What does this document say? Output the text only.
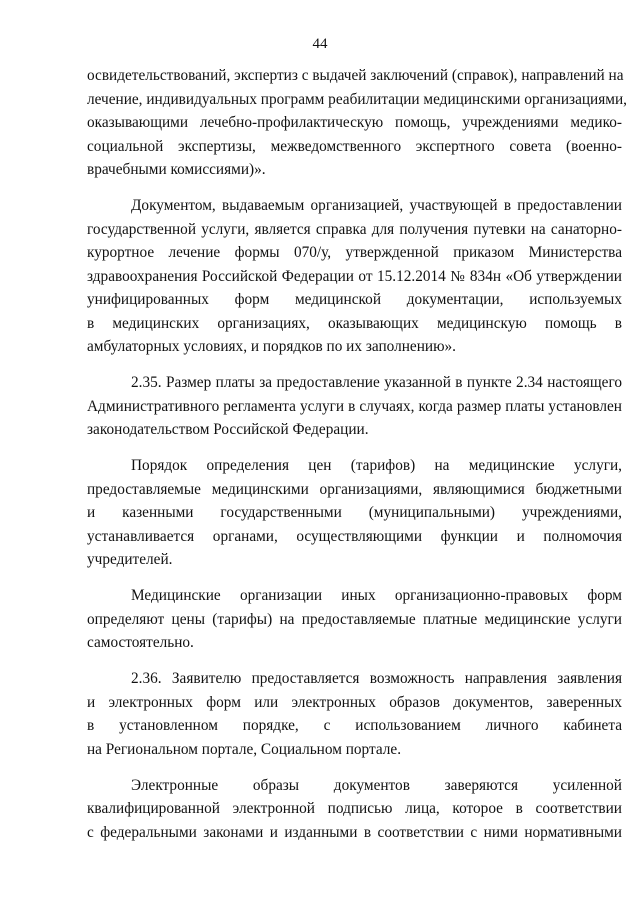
44
освидетельствований, экспертиз с выдачей заключений (справок), направлений на
лечение, индивидуальных программ реабилитации медицинскими организациями,
оказывающими лечебно-профилактическую помощь, учреждениями медико-
социальной экспертизы, межведомственного экспертного совета (военно-
врачебными комиссиями)».
Документом, выдаваемым организацией, участвующей в предоставлении
государственной услуги, является справка для получения путевки на санаторно-
курортное лечение формы 070/у, утвержденной приказом Министерства
здравоохранения Российской Федерации от 15.12.2014 № 834н «Об утверждении
унифицированных форм медицинской документации, используемых
в медицинских организациях, оказывающих медицинскую помощь в
амбулаторных условиях, и порядков по их заполнению».
2.35. Размер платы за предоставление указанной в пункте 2.34 настоящего
Административного регламента услуги в случаях, когда размер платы установлен
законодательством Российской Федерации.
Порядок определения цен (тарифов) на медицинские услуги,
предоставляемые медицинскими организациями, являющимися бюджетными
и казенными государственными (муниципальными) учреждениями,
устанавливается органами, осуществляющими функции и полномочия
учредителей.
Медицинские организации иных организационно-правовых форм
определяют цены (тарифы) на предоставляемые платные медицинские услуги
самостоятельно.
2.36. Заявителю предоставляется возможность направления заявления
и электронных форм или электронных образов документов, заверенных
в установленном порядке, с использованием личного кабинета
на Региональном портале, Социальном портале.
Электронные образы документов заверяются усиленной
квалифицированной электронной подписью лица, которое в соответствии
с федеральными законами и изданными в соответствии с ними нормативными
